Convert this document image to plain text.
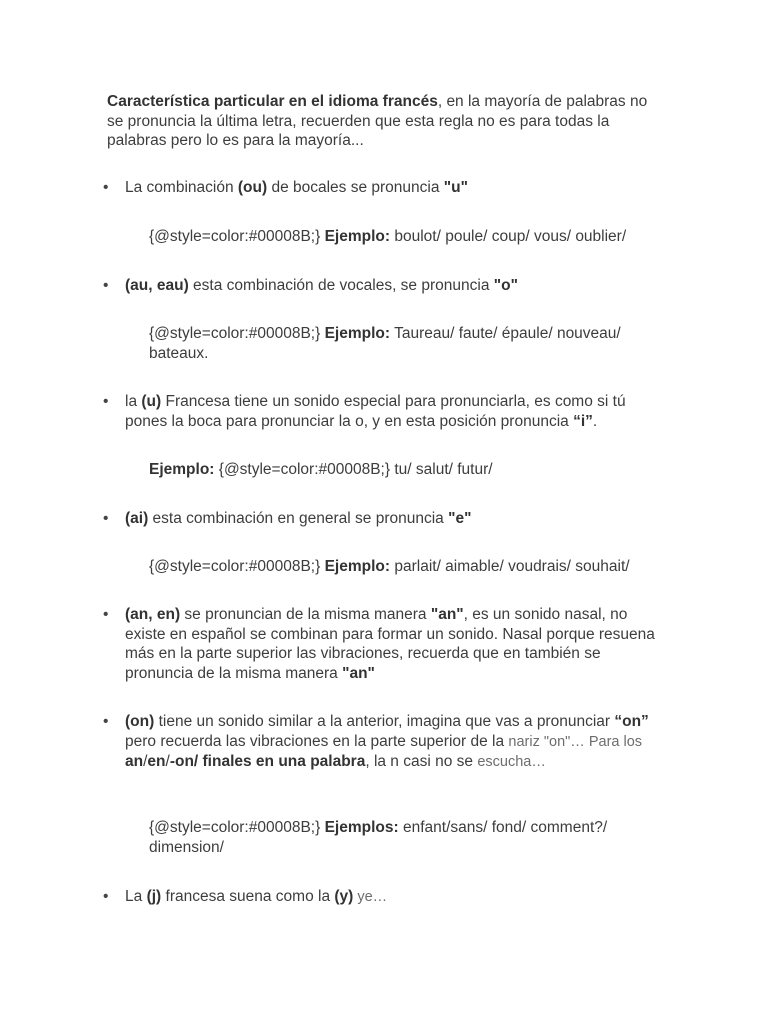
Característica particular en el idioma francés, en la mayoría de palabras no se pronuncia la última letra, recuerden que esta regla no es para todas la palabras pero lo es para la mayoría...

• La combinación (ou) de bocales se pronuncia "u"

{@style=color:#00008B;} Ejemplo: boulot/ poule/ coup/ vous/ oublier/

• (au, eau) esta combinación de vocales, se pronuncia "o"

{@style=color:#00008B;} Ejemplo: Taureau/ faute/ épaule/ nouveau/ bateaux.

• la (u) Francesa tiene un sonido especial para pronunciarla, es como si tú pones la boca para pronunciar la o, y en esta posición pronuncia “i”.

Ejemplo: {@style=color:#00008B;} tu/ salut/ futur/

• (ai) esta combinación en general se pronuncia "e"

{@style=color:#00008B;} Ejemplo: parlait/ aimable/ voudrais/ souhait/

• (an, en) se pronuncian de la misma manera "an", es un sonido nasal, no existe en español se combinan para formar un sonido. Nasal porque resuena más en la parte superior las vibraciones, recuerda que en también se pronuncia de la misma manera "an"

• (on) tiene un sonido similar a la anterior, imagina que vas a pronunciar “on” pero recuerda las vibraciones en la parte superior de la nariz "on"… Para los an/en/-on/ finales en una palabra, la n casi no se escucha…

{@style=color:#00008B;} Ejemplos: enfant/sans/ fond/ comment?/ dimension/

• La (j) francesa suena como la (y) ye…
